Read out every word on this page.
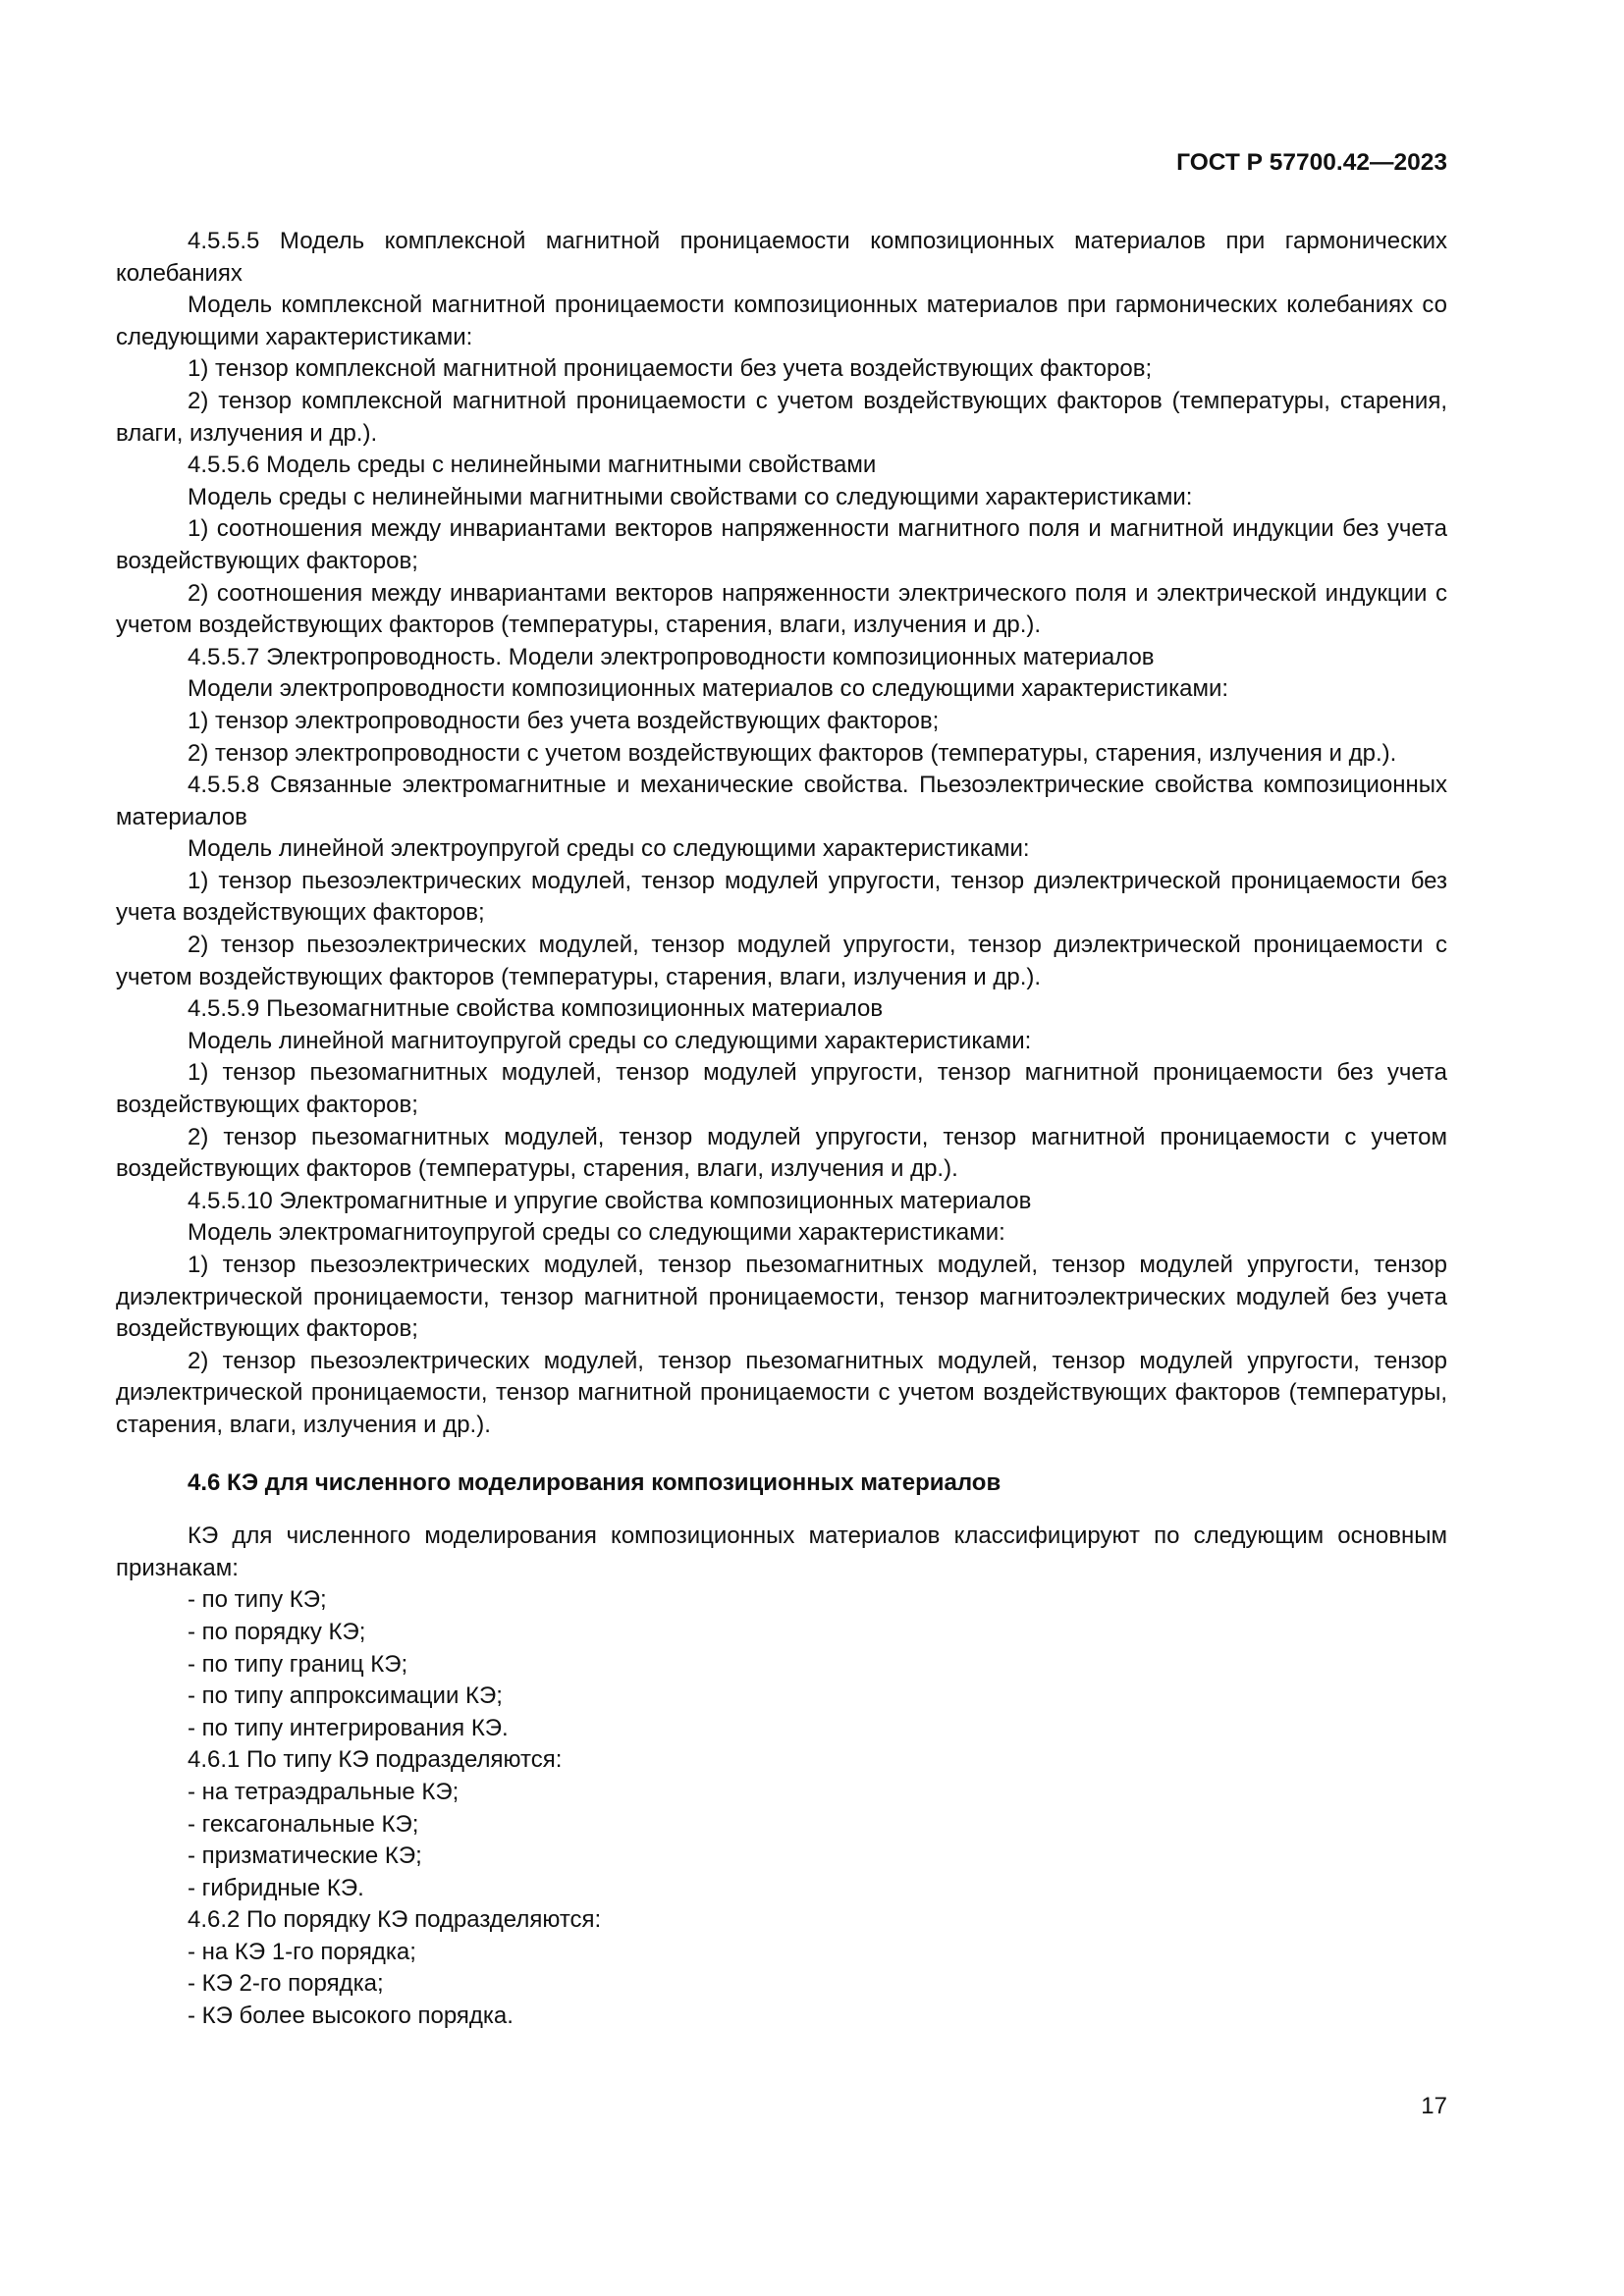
ГОСТ Р 57700.42—2023

4.5.5.5 Модель комплексной магнитной проницаемости композиционных материалов при гармонических колебаниях

Модель комплексной магнитной проницаемости композиционных материалов при гармонических колебаниях со следующими характеристиками:

1) тензор комплексной магнитной проницаемости без учета воздействующих факторов;

2) тензор комплексной магнитной проницаемости с учетом воздействующих факторов (температуры, старения, влаги, излучения и др.).

4.5.5.6 Модель среды с нелинейными магнитными свойствами

Модель среды с нелинейными магнитными свойствами со следующими характеристиками:

1) соотношения между инвариантами векторов напряженности магнитного поля и магнитной индукции без учета воздействующих факторов;

2) соотношения между инвариантами векторов напряженности электрического поля и электрической индукции с учетом воздействующих факторов (температуры, старения, влаги, излучения и др.).

4.5.5.7 Электропроводность. Модели электропроводности композиционных материалов

Модели электропроводности композиционных материалов со следующими характеристиками:

1) тензор электропроводности без учета воздействующих факторов;

2) тензор электропроводности с учетом воздействующих факторов (температуры, старения, излучения и др.).

4.5.5.8 Связанные электромагнитные и механические свойства. Пьезоэлектрические свойства композиционных материалов

Модель линейной электроупругой среды со следующими характеристиками:

1) тензор пьезоэлектрических модулей, тензор модулей упругости, тензор диэлектрической проницаемости без учета воздействующих факторов;

2) тензор пьезоэлектрических модулей, тензор модулей упругости, тензор диэлектрической проницаемости с учетом воздействующих факторов (температуры, старения, влаги, излучения и др.).

4.5.5.9 Пьезомагнитные свойства композиционных материалов

Модель линейной магнитоупругой среды со следующими характеристиками:

1) тензор пьезомагнитных модулей, тензор модулей упругости, тензор магнитной проницаемости без учета воздействующих факторов;

2) тензор пьезомагнитных модулей, тензор модулей упругости, тензор магнитной проницаемости с учетом воздействующих факторов (температуры, старения, влаги, излучения и др.).

4.5.5.10 Электромагнитные и упругие свойства композиционных материалов

Модель электромагнитоупругой среды со следующими характеристиками:

1) тензор пьезоэлектрических модулей, тензор пьезомагнитных модулей, тензор модулей упругости, тензор диэлектрической проницаемости, тензор магнитной проницаемости, тензор магнитоэлектрических модулей без учета воздействующих факторов;

2) тензор пьезоэлектрических модулей, тензор пьезомагнитных модулей, тензор модулей упругости, тензор диэлектрической проницаемости, тензор магнитной проницаемости с учетом воздействующих факторов (температуры, старения, влаги, излучения и др.).

4.6 КЭ для численного моделирования композиционных материалов

КЭ для численного моделирования композиционных материалов классифицируют по следующим основным признакам:

- по типу КЭ;

- по порядку КЭ;

- по типу границ КЭ;

- по типу аппроксимации КЭ;

- по типу интегрирования КЭ.

4.6.1 По типу КЭ подразделяются:

- на тетраэдральные КЭ;

- гексагональные КЭ;

- призматические КЭ;

- гибридные КЭ.

4.6.2 По порядку КЭ подразделяются:

- на КЭ 1-го порядка;

- КЭ 2-го порядка;

- КЭ более высокого порядка.

17
